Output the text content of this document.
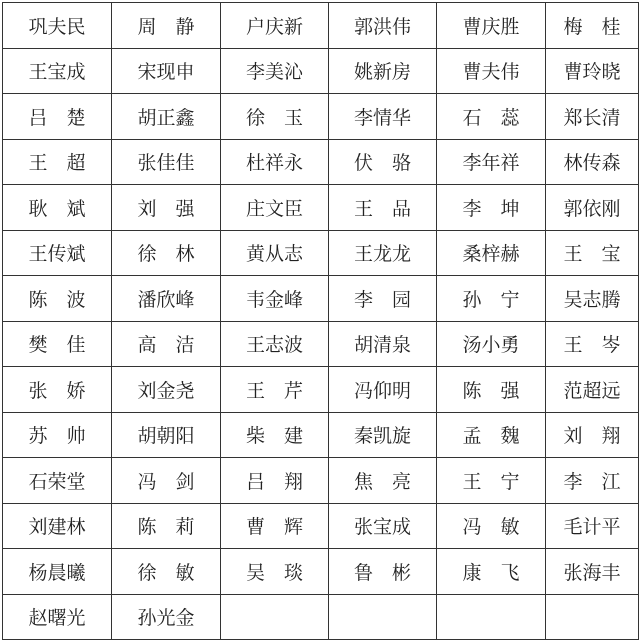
巩夫民	周　静	户庆新	郭洪伟	曹庆胜	梅　桂
王宝成	宋现申	李美沁	姚新房	曹夫伟	曹玲晓
吕　楚	胡正鑫	徐　玉	李情华	石　蕊	郑长清
王　超	张佳佳	杜祥永	伏　骆	李年祥	林传森
耿　斌	刘　强	庄文臣	王　品	李　坤	郭依刚
王传斌	徐　林	黄从志	王龙龙	桑梓赫	王　宝
陈　波	潘欣峰	韦金峰	李　园	孙　宁	吴志腾
樊　佳	高　洁	王志波	胡清泉	汤小勇	王　岑
张　娇	刘金尧	王　芹	冯仰明	陈　强	范超远
苏　帅	胡朝阳	柴　建	秦凯旋	孟　魏	刘　翔
石荣堂	冯　剑	吕　翔	焦　亮	王　宁	李　江
刘建林	陈　莉	曹　辉	张宝成	冯　敏	毛计平
杨晨曦	徐　敏	吴　琰	鲁　彬	康　飞	张海丰
赵曙光	孙光金				
